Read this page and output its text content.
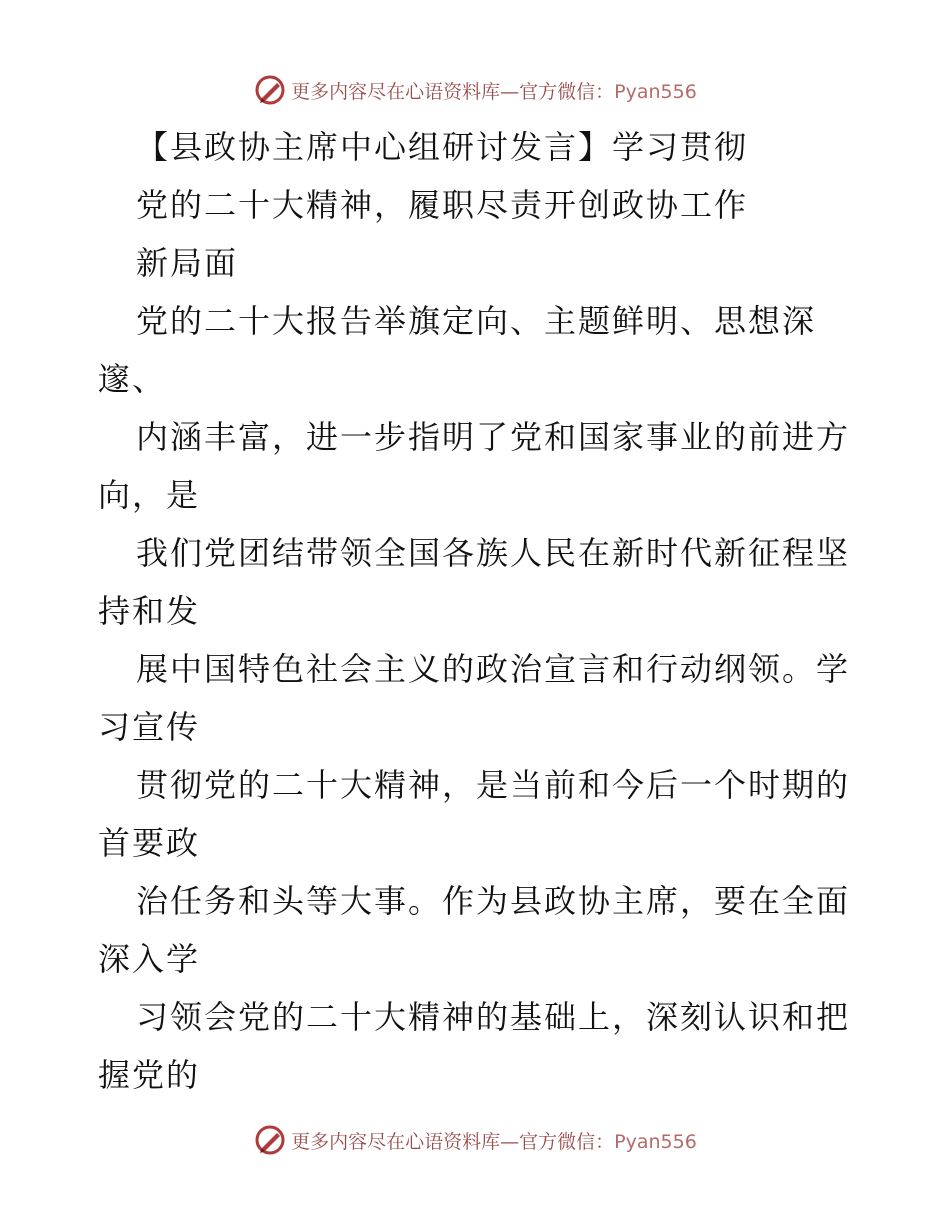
更多内容尽在心语资料库—官方微信：Pyan556
【县政协主席中心组研讨发言】学习贯彻
党的二十大精神，履职尽责开创政协工作
新局面
党的二十大报告举旗定向、主题鲜明、思想深
邃、
内涵丰富，进一步指明了党和国家事业的前进方
向，是
我们党团结带领全国各族人民在新时代新征程坚
持和发
展中国特色社会主义的政治宣言和行动纲领。学
习宣传
贯彻党的二十大精神，是当前和今后一个时期的
首要政
治任务和头等大事。作为县政协主席，要在全面
深入学
习领会党的二十大精神的基础上，深刻认识和把
握党的
更多内容尽在心语资料库—官方微信：Pyan556
